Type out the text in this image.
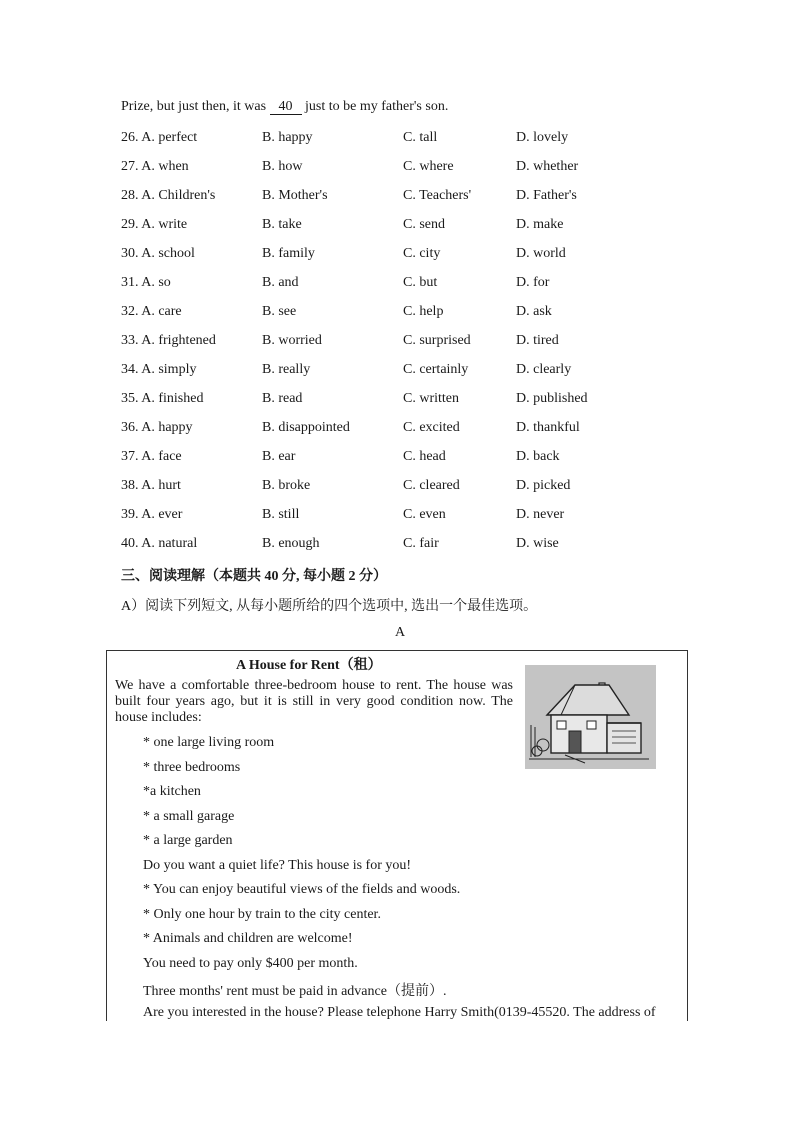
Prize, but just then, it was 40 just to be my father's son.
26. A. perfect	B. happy	C. tall	D. lovely
27. A. when	B. how	C. where	D. whether
28. A. Children's	B. Mother's	C. Teachers'	D. Father's
29. A. write	B. take	C. send	D. make
30. A. school	B. family	C. city	D. world
31. A. so	B. and	C. but	D. for
32. A. care	B. see	C. help	D. ask
33. A. frightened	B. worried	C. surprised	D. tired
34. A. simply	B. really	C. certainly	D. clearly
35. A. finished	B. read	C. written	D. published
36. A. happy	B. disappointed	C. excited	D. thankful
37. A. face	B. ear	C. head	D. back
38. A. hurt	B. broke	C. cleared	D. picked
39. A. ever	B. still	C. even	D. never
40. A. natural	B. enough	C. fair	D. wise
三、阅读理解（本题共 40 分, 每小题 2 分）
A）阅读下列短文, 从每小题所给的四个选项中, 选出一个最佳选项。
A
A House for Rent（租）
We have a comfortable three-bedroom house to rent. The house was built four years ago, but it is still in very good condition now. The house includes:
* one large living room
* three bedrooms
*a kitchen
* a small garage
* a large garden
Do you want a quiet life? This house is for you!
* You can enjoy beautiful views of the fields and woods.
* Only one hour by train to the city center.
* Animals and children are welcome!
You need to pay only $400 per month.
Three months' rent must be paid in advance（提前）.
Are you interested in the house? Please telephone Harry Smith(0139-45520. The address of
